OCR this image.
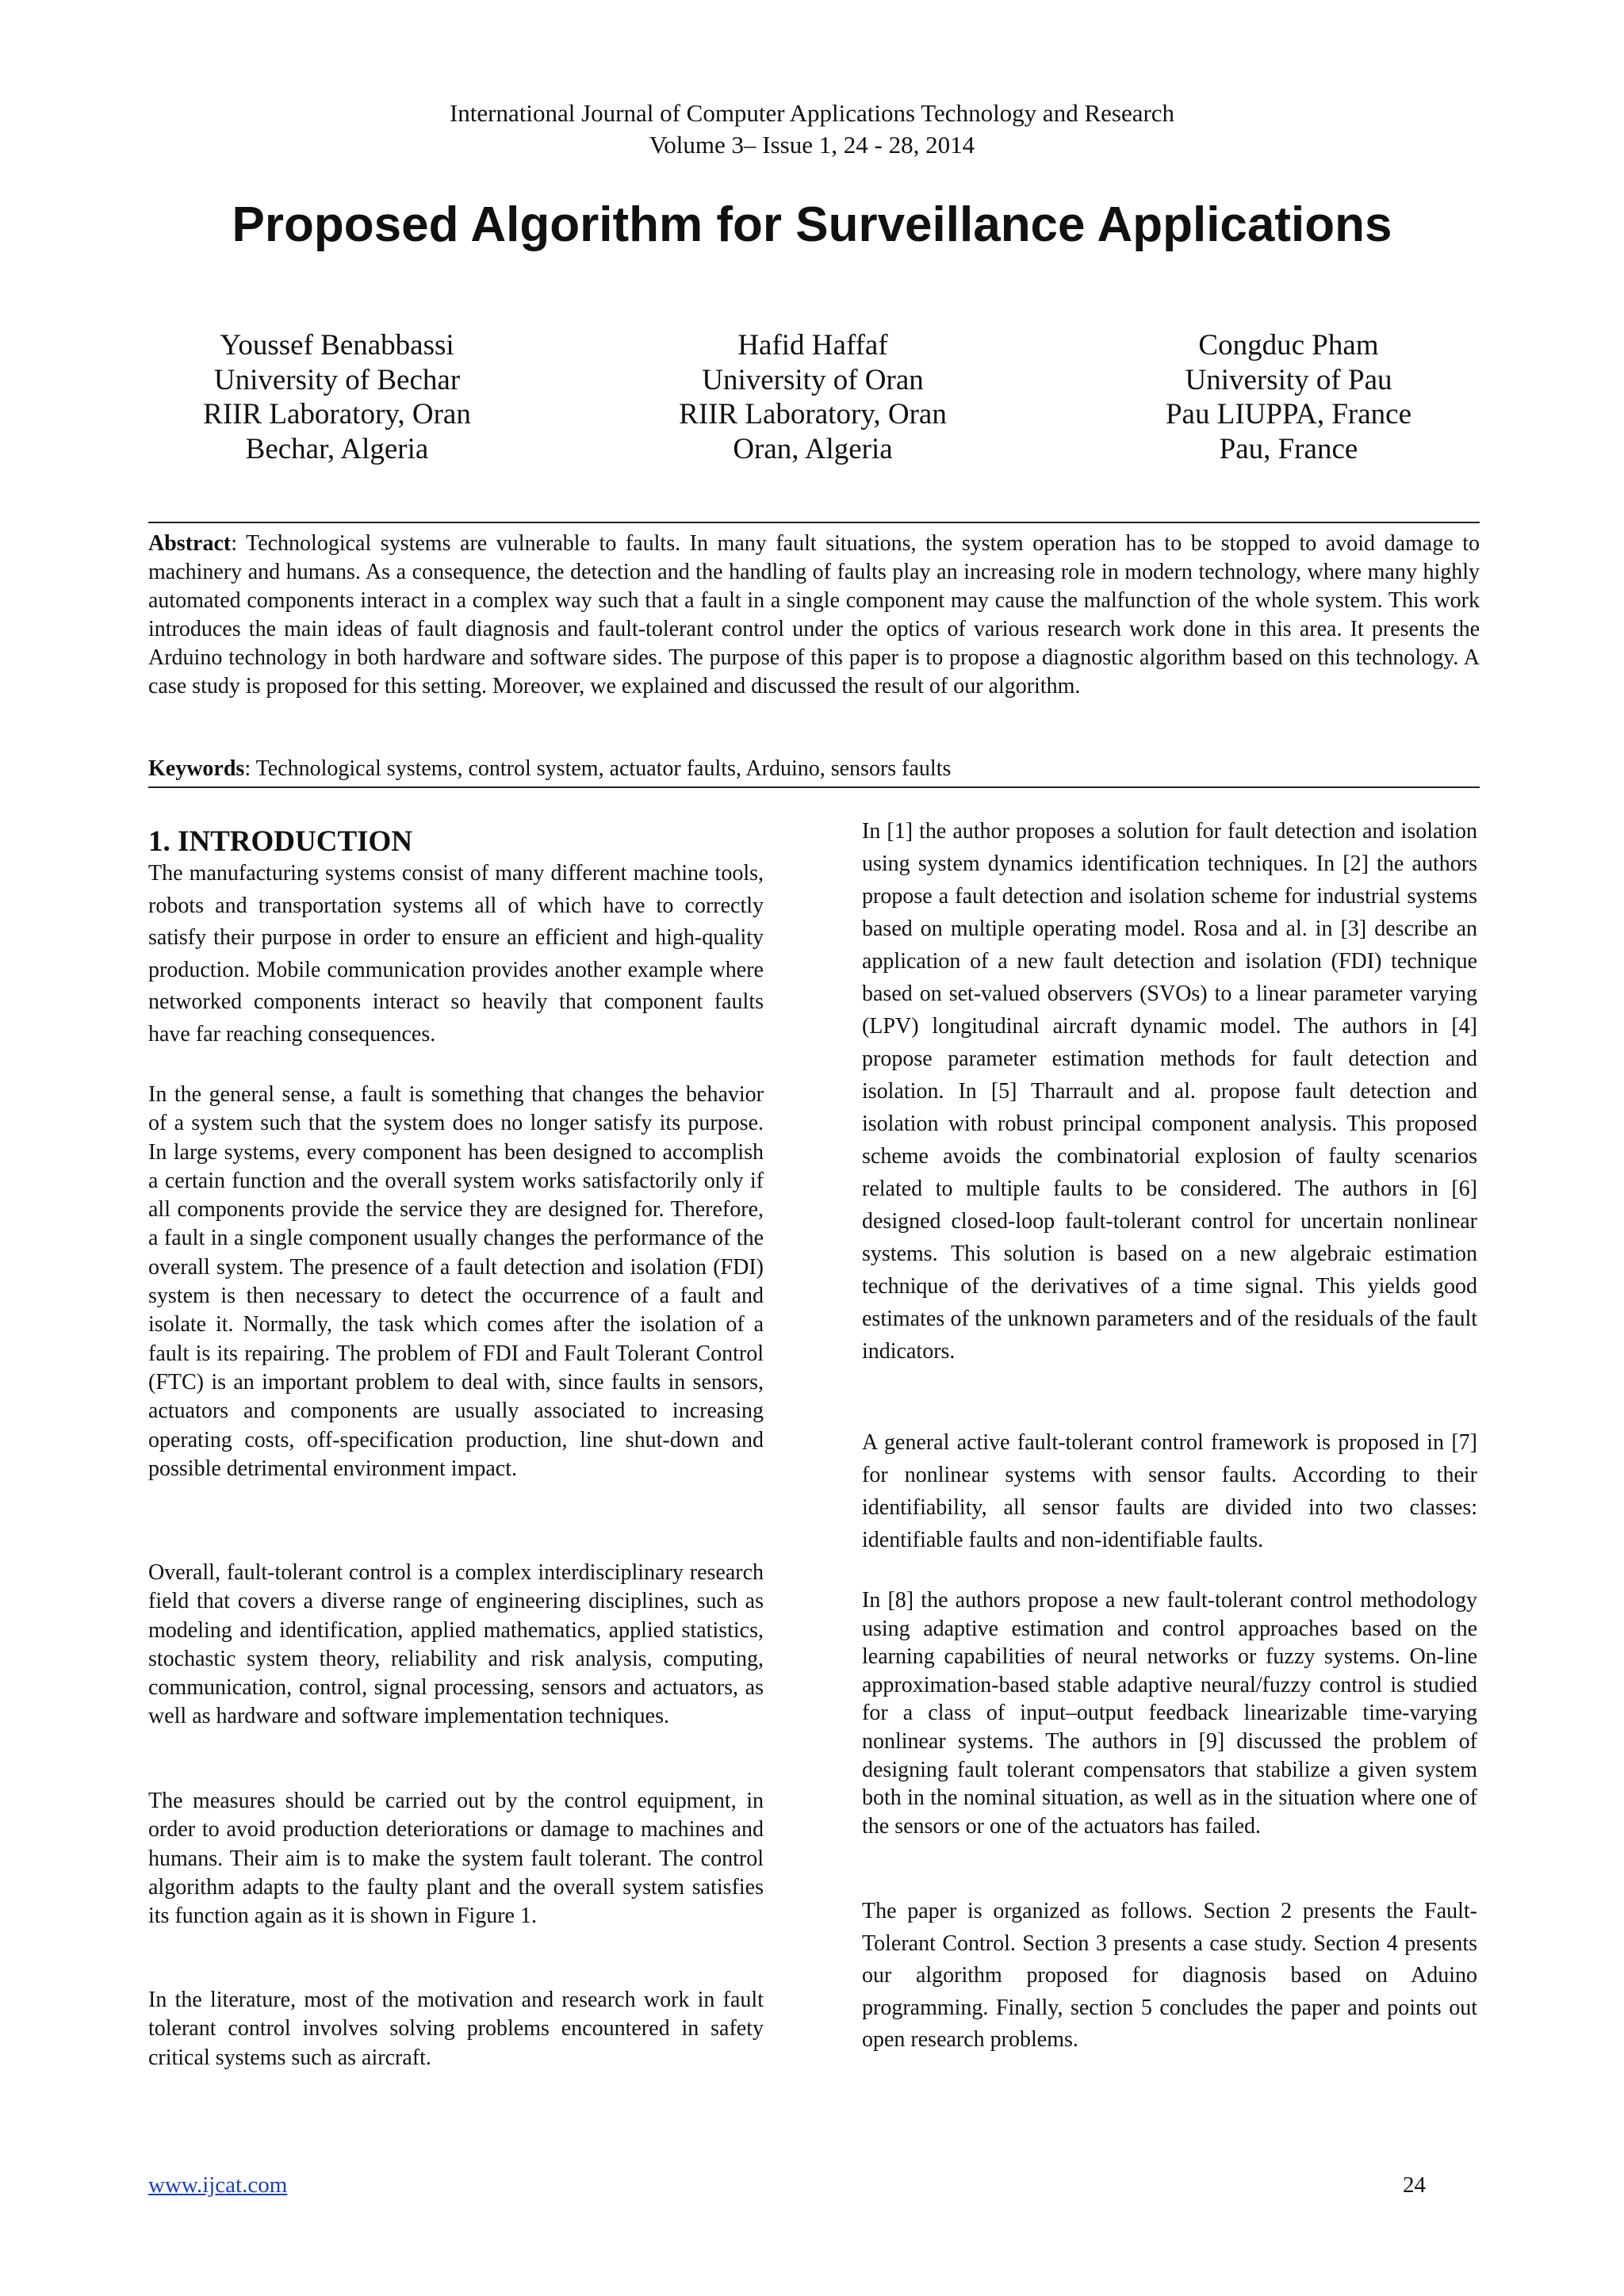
International Journal of Computer Applications Technology and Research
Volume 3– Issue 1, 24 - 28, 2014
Proposed Algorithm for Surveillance Applications
Youssef Benabbassi
University of Bechar
RIIR Laboratory, Oran
Bechar, Algeria
Hafid Haffaf
University of Oran
RIIR Laboratory, Oran
Oran, Algeria
Congduc Pham
University of Pau
Pau LIUPPA, France
Pau, France
Abstract: Technological systems are vulnerable to faults. In many fault situations, the system operation has to be stopped to avoid damage to machinery and humans. As a consequence, the detection and the handling of faults play an increasing role in modern technology, where many highly automated components interact in a complex way such that a fault in a single component may cause the malfunction of the whole system. This work introduces the main ideas of fault diagnosis and fault-tolerant control under the optics of various research work done in this area. It presents the Arduino technology in both hardware and software sides. The purpose of this paper is to propose a diagnostic algorithm based on this technology. A case study is proposed for this setting. Moreover, we explained and discussed the result of our algorithm.
Keywords: Technological systems, control system, actuator faults, Arduino, sensors faults
1. INTRODUCTION

The manufacturing systems consist of many different machine tools, robots and transportation systems all of which have to correctly satisfy their purpose in order to ensure an efficient and high-quality production. Mobile communication provides another example where networked components interact so heavily that component faults have far reaching consequences.

In the general sense, a fault is something that changes the behavior of a system such that the system does no longer satisfy its purpose. In large systems, every component has been designed to accomplish a certain function and the overall system works satisfactorily only if all components provide the service they are designed for. Therefore, a fault in a single component usually changes the performance of the overall system. The presence of a fault detection and isolation (FDI) system is then necessary to detect the occurrence of a fault and isolate it. Normally, the task which comes after the isolation of a fault is its repairing. The problem of FDI and Fault Tolerant Control (FTC) is an important problem to deal with, since faults in sensors, actuators and components are usually associated to increasing operating costs, off-specification production, line shut-down and possible detrimental environment impact.

Overall, fault-tolerant control is a complex interdisciplinary research field that covers a diverse range of engineering disciplines, such as modeling and identification, applied mathematics, applied statistics, stochastic system theory, reliability and risk analysis, computing, communication, control, signal processing, sensors and actuators, as well as hardware and software implementation techniques.

The measures should be carried out by the control equipment, in order to avoid production deteriorations or damage to machines and humans. Their aim is to make the system fault tolerant. The control algorithm adapts to the faulty plant and the overall system satisfies its function again as it is shown in Figure 1.

In the literature, most of the motivation and research work in fault tolerant control involves solving problems encountered in safety critical systems such as aircraft.

In [1] the author proposes a solution for fault detection and isolation using system dynamics identification techniques. In [2] the authors propose a fault detection and isolation scheme for industrial systems based on multiple operating model. Rosa and al. in [3] describe an application of a new fault detection and isolation (FDI) technique based on set-valued observers (SVOs) to a linear parameter varying (LPV) longitudinal aircraft dynamic model. The authors in [4] propose parameter estimation methods for fault detection and isolation. In [5] Tharrault and al. propose fault detection and isolation with robust principal component analysis. This proposed scheme avoids the combinatorial explosion of faulty scenarios related to multiple faults to be considered. The authors in [6] designed closed-loop fault-tolerant control for uncertain nonlinear systems. This solution is based on a new algebraic estimation technique of the derivatives of a time signal. This yields good estimates of the unknown parameters and of the residuals of the fault indicators.

A general active fault-tolerant control framework is proposed in [7] for nonlinear systems with sensor faults. According to their identifiability, all sensor faults are divided into two classes: identifiable faults and non-identifiable faults.

In [8] the authors propose a new fault-tolerant control methodology using adaptive estimation and control approaches based on the learning capabilities of neural networks or fuzzy systems. On-line approximation-based stable adaptive neural/fuzzy control is studied for a class of input–output feedback linearizable time-varying nonlinear systems. The authors in [9] discussed the problem of designing fault tolerant compensators that stabilize a given system both in the nominal situation, as well as in the situation where one of the sensors or one of the actuators has failed.

The paper is organized as follows. Section 2 presents the Fault-Tolerant Control. Section 3 presents a case study. Section 4 presents our algorithm proposed for diagnosis based on Aduino programming. Finally, section 5 concludes the paper and points out open research problems.

www.ijcat.com	24
